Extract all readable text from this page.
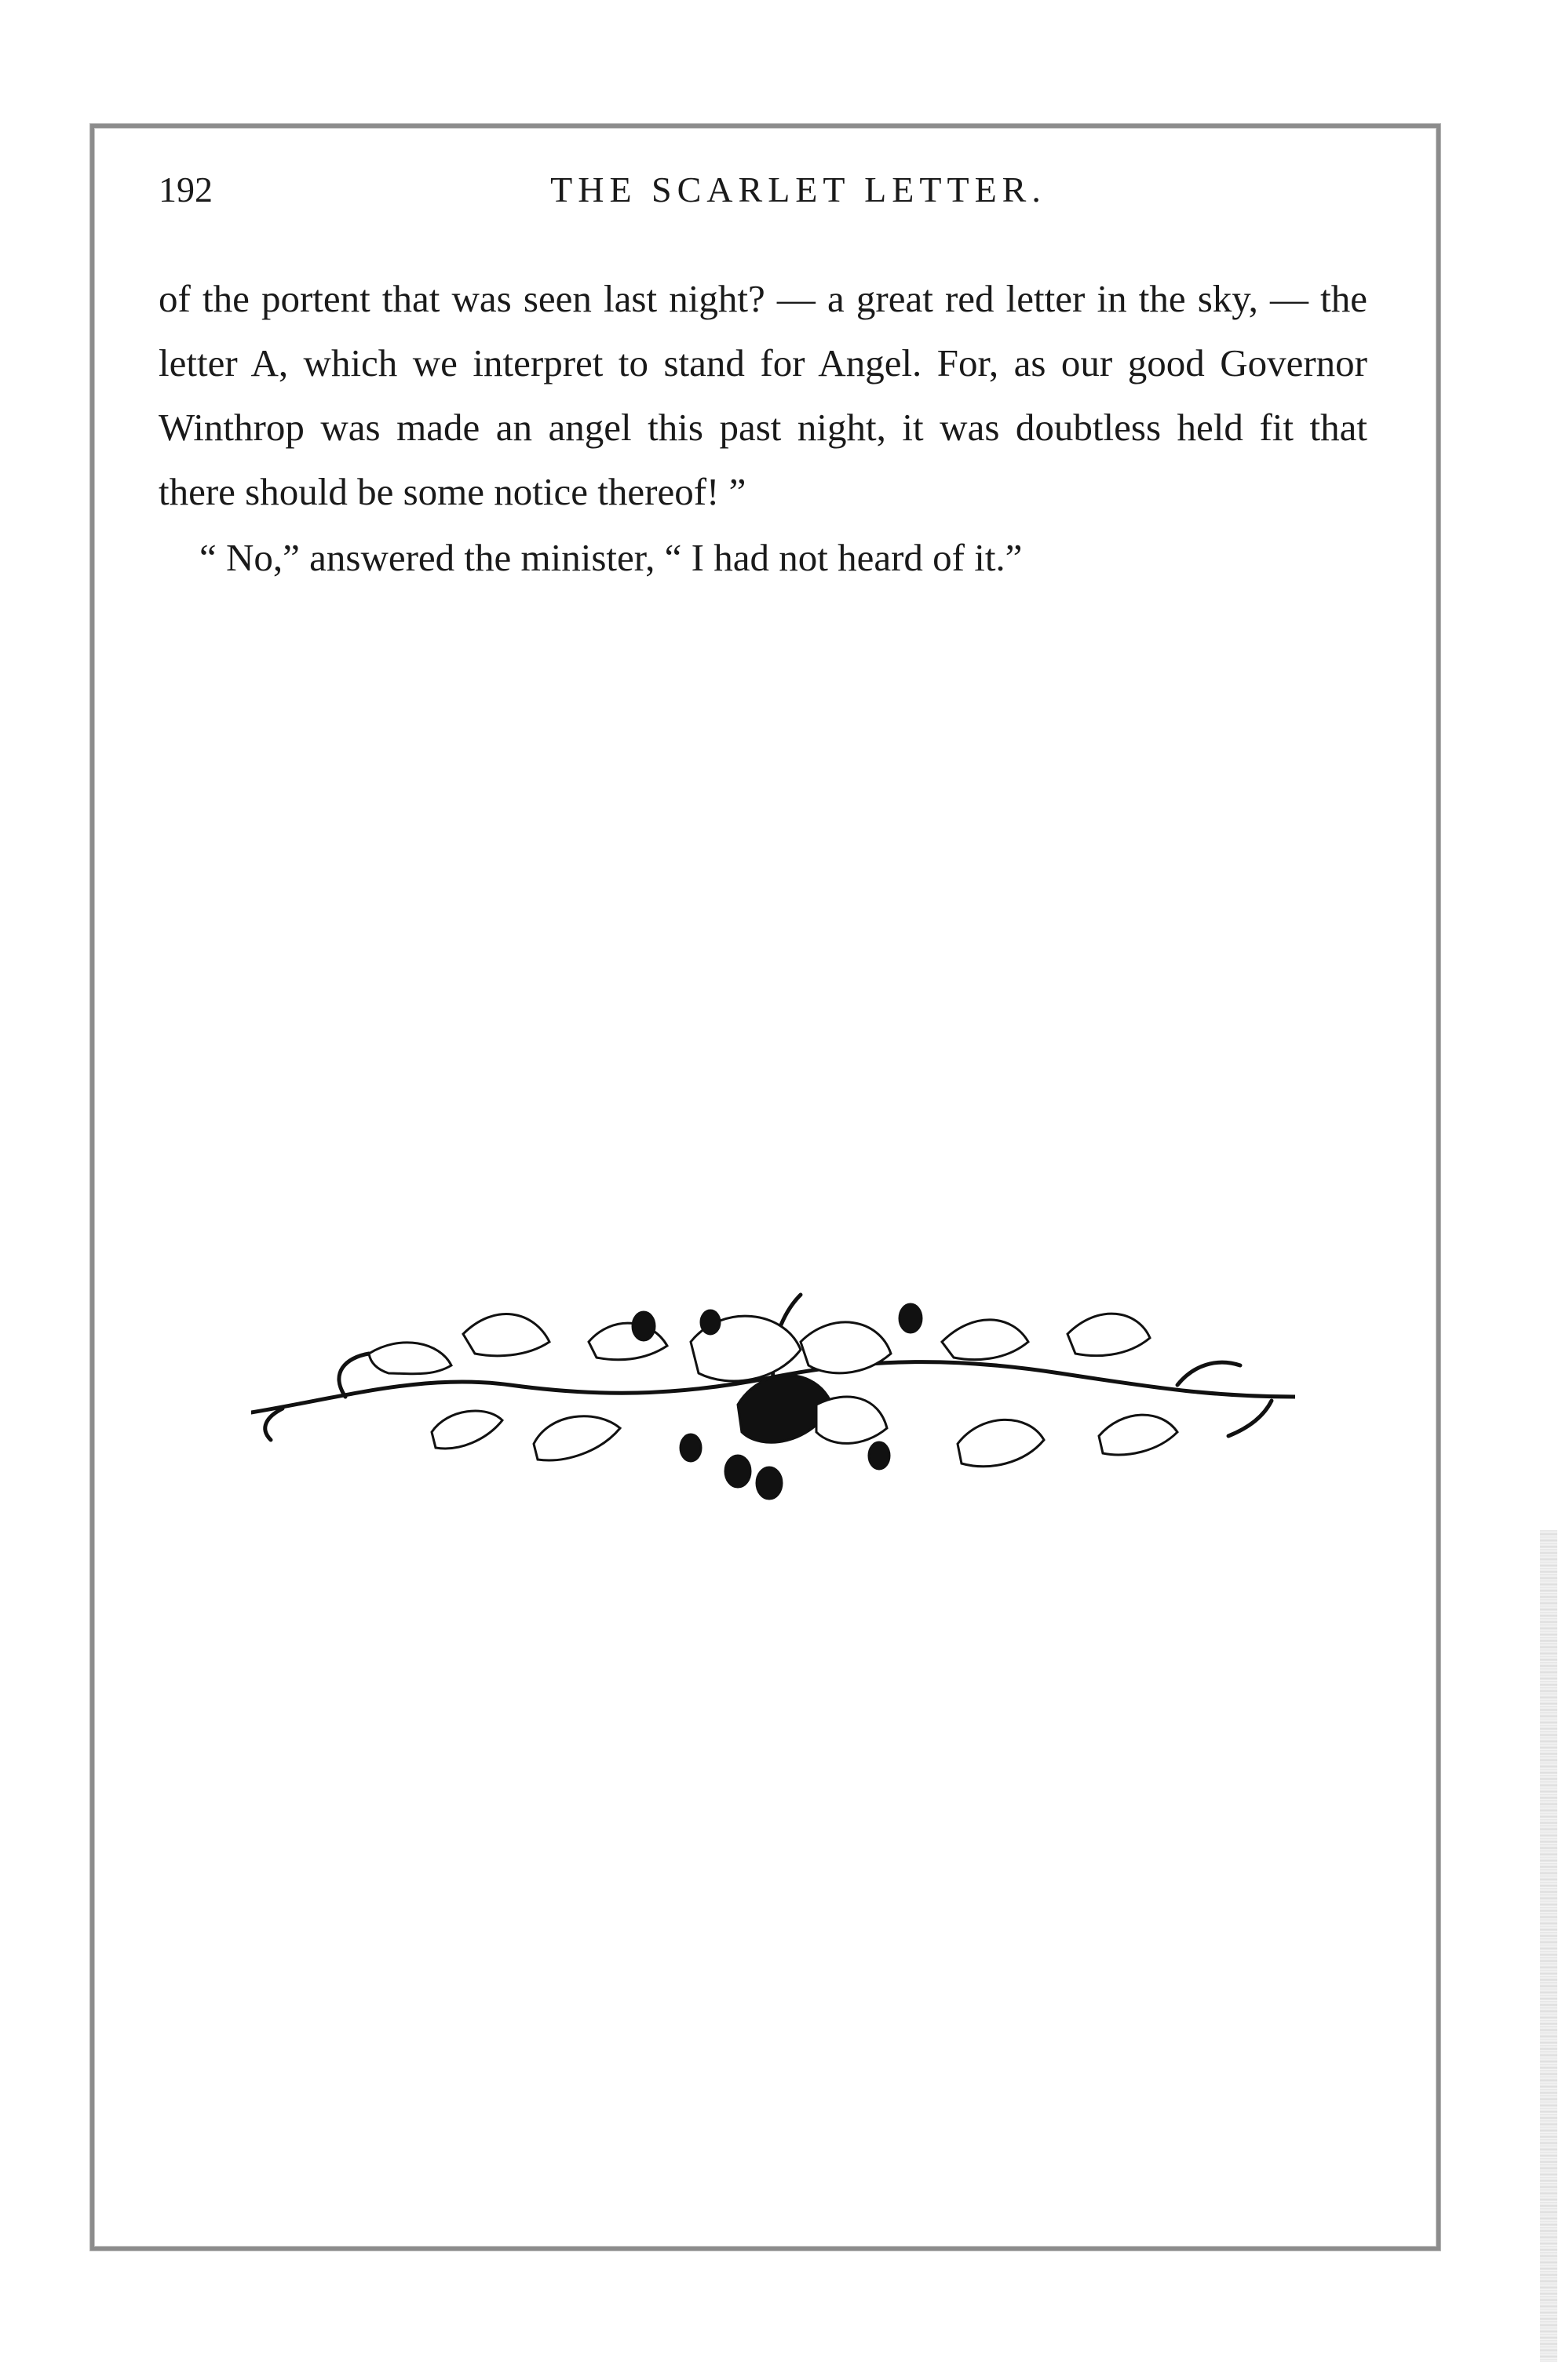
192	THE SCARLET LETTER.

of the portent that was seen last night? — a great red letter in the sky, — the letter A, which we interpret to stand for Angel. For, as our good Governor Winthrop was made an angel this past night, it was doubtless held fit that there should be some notice thereof! ”

“ No,” answered the minister, “ I had not heard of it.”
